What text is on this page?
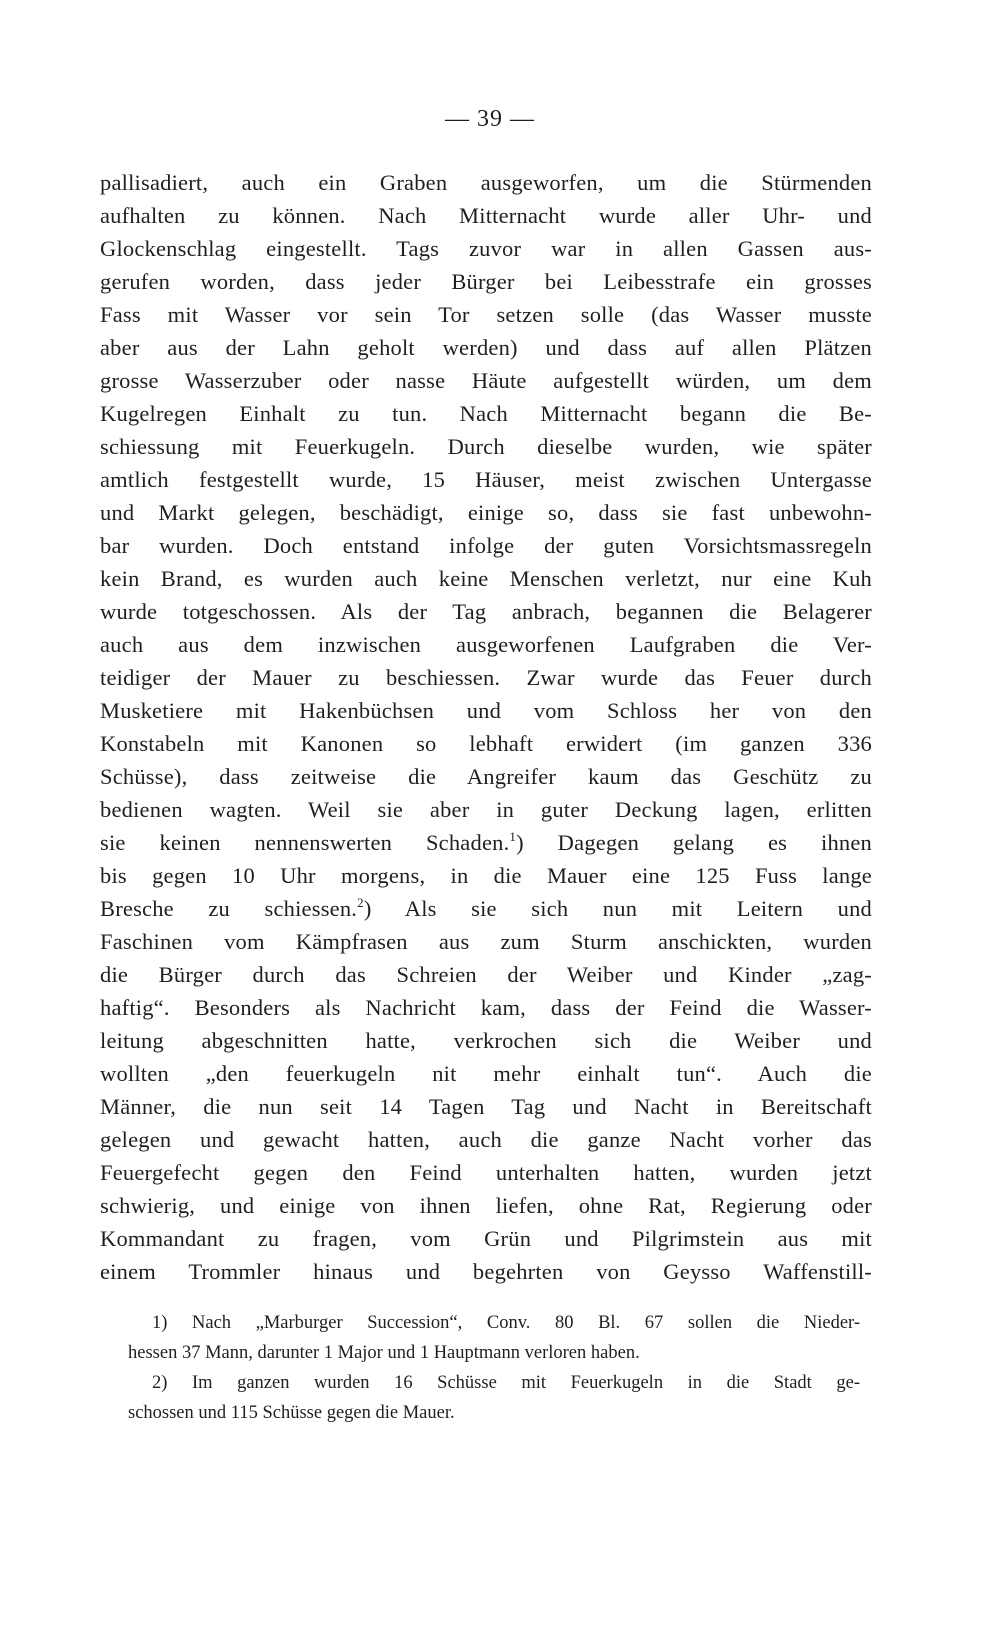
— 39 —
pallisadiert, auch ein Graben ausgeworfen, um die Stürmenden
aufhalten zu können. Nach Mitternacht wurde aller Uhr- und
Glockenschlag eingestellt. Tags zuvor war in allen Gassen aus-
gerufen worden, dass jeder Bürger bei Leibesstrafe ein grosses
Fass mit Wasser vor sein Tor setzen solle (das Wasser musste
aber aus der Lahn geholt werden) und dass auf allen Plätzen
grosse Wasserzuber oder nasse Häute aufgestellt würden, um dem
Kugelregen Einhalt zu tun. Nach Mitternacht begann die Be-
schiessung mit Feuerkugeln. Durch dieselbe wurden, wie später
amtlich festgestellt wurde, 15 Häuser, meist zwischen Untergasse
und Markt gelegen, beschädigt, einige so, dass sie fast unbewohn-
bar wurden. Doch entstand infolge der guten Vorsichtsmassregeln
kein Brand, es wurden auch keine Menschen verletzt, nur eine Kuh
wurde totgeschossen. Als der Tag anbrach, begannen die Belagerer
auch aus dem inzwischen ausgeworfenen Laufgraben die Ver-
teidiger der Mauer zu beschiessen. Zwar wurde das Feuer durch
Musketiere mit Hakenbüchsen und vom Schloss her von den
Konstabeln mit Kanonen so lebhaft erwidert (im ganzen 336
Schüsse), dass zeitweise die Angreifer kaum das Geschütz zu
bedienen wagten. Weil sie aber in guter Deckung lagen, erlitten
sie keinen nennenswerten Schaden.$^1$) Dagegen gelang es ihnen
bis gegen 10 Uhr morgens, in die Mauer eine 125 Fuss lange
Bresche zu schiessen.$^2$) Als sie sich nun mit Leitern und
Faschinen vom Kämpfrasen aus zum Sturm anschickten, wurden
die Bürger durch das Schreien der Weiber und Kinder „zag-
haftig“. Besonders als Nachricht kam, dass der Feind die Wasser-
leitung abgeschnitten hatte, verkrochen sich die Weiber und
wollten „den feuerkugeln nit mehr einhalt tun“. Auch die
Männer, die nun seit 14 Tagen Tag und Nacht in Bereitschaft
gelegen und gewacht hatten, auch die ganze Nacht vorher das
Feuergefecht gegen den Feind unterhalten hatten, wurden jetzt
schwierig, und einige von ihnen liefen, ohne Rat, Regierung oder
Kommandant zu fragen, vom Grün und Pilgrimstein aus mit
einem Trommler hinaus und begehrten von Geysso Waffenstill-
1) Nach „Marburger Succession“, Conv. 80 Bl. 67 sollen die Nieder-
hessen 37 Mann, darunter 1 Major und 1 Hauptmann verloren haben.
2) Im ganzen wurden 16 Schüsse mit Feuerkugeln in die Stadt ge-
schossen und 115 Schüsse gegen die Mauer.
